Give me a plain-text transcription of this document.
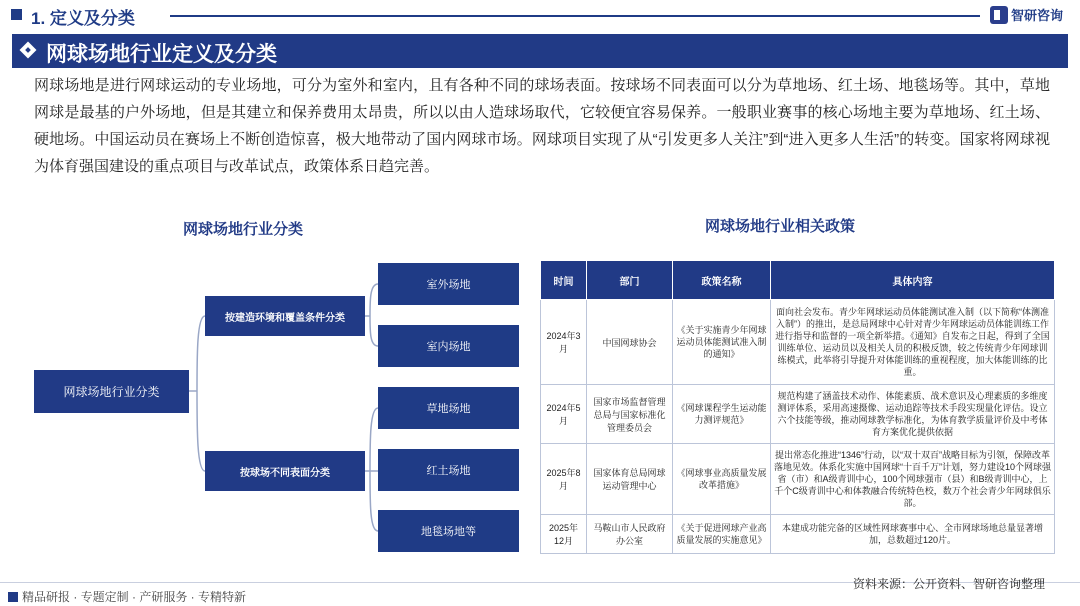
1. 定义及分类	智研咨询
网球场地行业定义及分类
网球场地是进行网球运动的专业场地，可分为室外和室内，且有各种不同的球场表面。按球场不同表面可以分为草地场、红土场、地毯场等。其中，草地网球是最基的户外场地，但是其建立和保养费用太昂贵，所以以由人造球场取代，它较便宜容易保养。一般职业赛事的核心场地主要为草地场、红土场、硬地场。中国运动员在赛场上不断创造惊喜，极大地带动了国内网球市场。网球项目实现了从“引发更多人关注”到“进入更多人生活”的转变。国家将网球视为体育强国建设的重点项目与改革试点，政策体系日趋完善。
网球场地行业分类
网球场地行业分类
按建造环境和覆盖条件分类
按球场不同表面分类
室外场地
室内场地
草地场地
红土场地
地毯场地等
网球场地行业相关政策
时间	部门	政策名称	具体内容
2024年3月	中国网球协会	《关于实施青少年网球运动员体能测试准入制的通知》	面向社会发布。青少年网球运动员体能测试准入制（以下简称“体测准入制”）的推出，是总局网球中心针对青少年网球运动员体能训练工作进行指导和监督的一项全新举措。《通知》自发布之日起，得到了全国训练单位、运动员以及相关人员的积极反馈，较之传统青少年网球训练模式，此举将引导提升对体能训练的重视程度，加大体能训练的比重。
2024年5月	国家市场监督管理总局与国家标准化管理委员会	《网球课程学生运动能力测评规范》	规范构建了涵盖技术动作、体能素质、战术意识及心理素质的多维度测评体系，采用高速摄像、运动追踪等技术手段实现量化评估。设立六个技能等级，推动网球教学标准化，为体育教学质量评价及中考体育方案优化提供依据
2025年8月	国家体育总局网球运动管理中心	《网球事业高质量发展改革措施》	提出常态化推进“1346”行动，以“双十双百”战略目标为引领，保障改革落地见效。体系化实施中国网球“十百千万”计划，努力建设10个网球强省（市）和A级青训中心，100个网球强市（县）和B级青训中心，上千个C级青训中心和体教融合传统特色校，数万个社会青少年网球俱乐部。
2025年12月	马鞍山市人民政府办公室	《关于促进网球产业高质量发展的实施意见》	本建成功能完备的区域性网球赛事中心、全市网球场地总量显著增加，总数超过120片。
精品研报 · 专题定制 · 产研服务 · 专精特新
资料来源：公开资料、智研咨询整理
